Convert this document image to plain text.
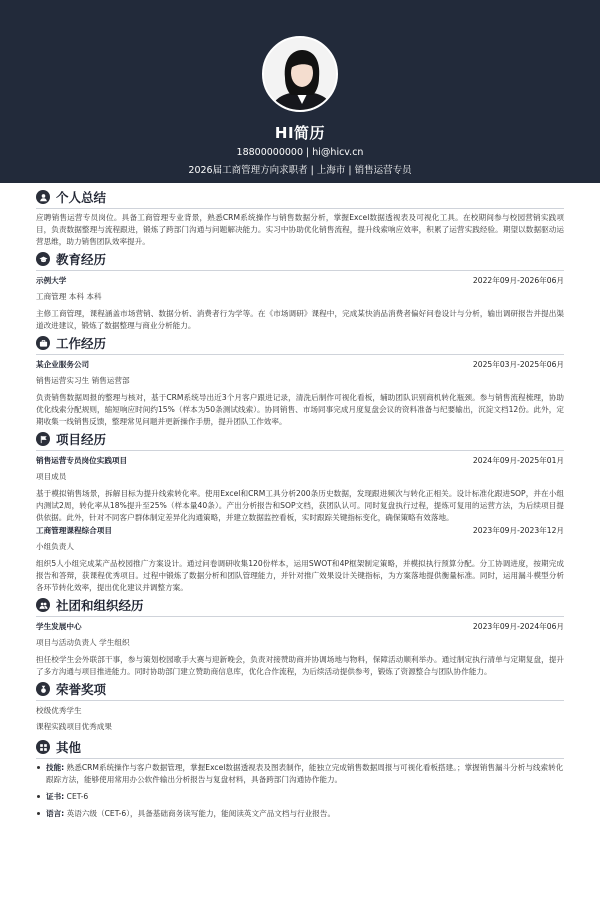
HI简历
18800000000 | hi@hicv.cn
2026届工商管理方向求职者 | 上海市 | 销售运营专员
个人总结

应聘销售运营专员岗位。具备工商管理专业背景，熟悉CRM系统操作与销售数据分析，掌握Excel数据透视表及可视化工具。在校期间参与校园营销实践项目，负责数据整理与流程跟进，锻炼了跨部门沟通与问题解决能力。实习中协助优化销售流程，提升线索响应效率，积累了运营实践经验。期望以数据驱动运营思维，助力销售团队效率提升。

教育经历
示例大学	2022年09月-2026年06月
工商管理 本科 本科

主修工商管理，课程涵盖市场营销、数据分析、消费者行为学等。在《市场调研》课程中，完成某快消品消费者偏好问卷设计与分析，输出调研报告并提出渠道改进建议，锻炼了数据整理与商业分析能力。

工作经历
某企业服务公司	2025年03月-2025年06月
销售运营实习生 销售运营部

负责销售数据周报的整理与核对，基于CRM系统导出近3个月客户跟进记录，清洗后制作可视化看板，辅助团队识别商机转化瓶颈。参与销售流程梳理，协助优化线索分配规则，缩短响应时间约15%（样本为50条测试线索）。协同销售、市场同事完成月度复盘会议的资料准备与纪要输出，沉淀文档12份。此外，定期收集一线销售反馈，整理常见问题并更新操作手册，提升团队工作效率。

项目经历
销售运营专员岗位实践项目	2024年09月-2025年01月
项目成员

基于模拟销售场景，拆解目标为提升线索转化率。使用Excel和CRM工具分析200条历史数据，发现跟进频次与转化正相关。设计标准化跟进SOP，并在小组内测试2周，转化率从18%提升至25%（样本量40条）。产出分析报告和SOP文档，获团队认可。同时复盘执行过程，提炼可复用的运营方法，为后续项目提供依据。此外，针对不同客户群体制定差异化沟通策略，并建立数据监控看板，实时跟踪关键指标变化，确保策略有效落地。

工商管理课程综合项目	2023年09月-2023年12月
小组负责人

组织5人小组完成某产品校园推广方案设计。通过问卷调研收集120份样本，运用SWOT和4P框架制定策略，并模拟执行预算分配。分工协调进度，按期完成报告和答辩，获课程优秀项目。过程中锻炼了数据分析和团队管理能力，并针对推广效果设计关键指标，为方案落地提供衡量标准。同时，运用漏斗模型分析各环节转化效率，提出优化建议并调整方案。

社团和组织经历
学生发展中心	2023年09月-2024年06月
项目与活动负责人 学生组织

担任校学生会外联部干事，参与策划校园歌手大赛与迎新晚会，负责对接赞助商并协调场地与物料，保障活动顺利举办。通过制定执行清单与定期复盘，提升了多方沟通与项目推进能力。同时协助部门建立赞助商信息库，优化合作流程，为后续活动提供参考，锻炼了资源整合与团队协作能力。

荣誉奖项
校级优秀学生
课程实践项目优秀成果
其他
技能: 熟悉CRM系统操作与客户数据管理，掌握Excel数据透视表及图表制作，能独立完成销售数据周报与可视化看板搭建。；掌握销售漏斗分析与线索转化跟踪方法，能够使用常用办公软件输出分析报告与复盘材料，具备跨部门沟通协作能力。
证书: CET-6
语言: 英语六级（CET-6），具备基础商务读写能力，能阅读英文产品文档与行业报告。
